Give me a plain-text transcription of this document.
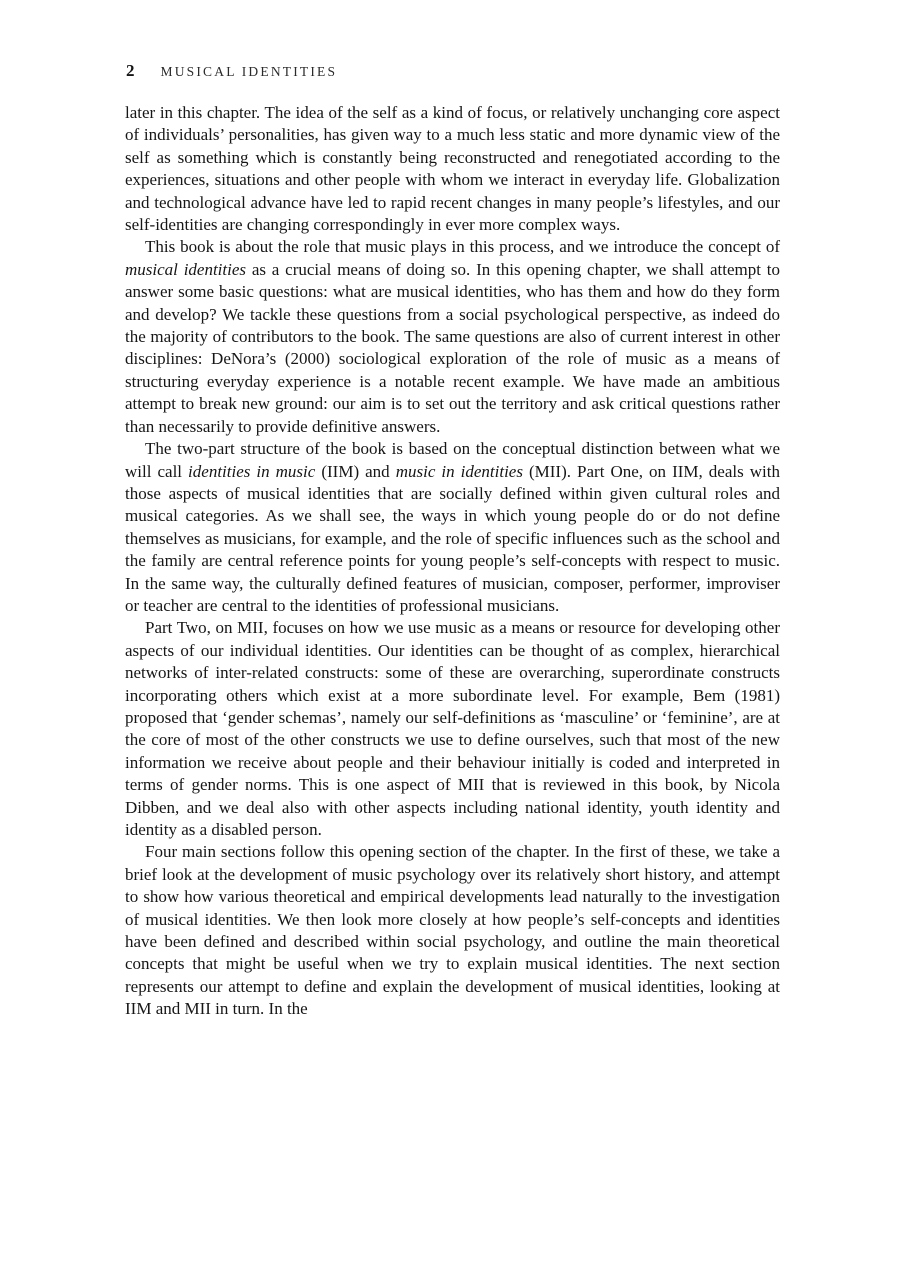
2 MUSICAL IDENTITIES

later in this chapter. The idea of the self as a kind of focus, or relatively unchanging core aspect of individuals’ personalities, has given way to a much less static and more dynamic view of the self as something which is constantly being reconstructed and renegotiated according to the experiences, situations and other people with whom we interact in everyday life. Globalization and technological advance have led to rapid recent changes in many people’s lifestyles, and our self-identities are changing correspondingly in ever more complex ways.

This book is about the role that music plays in this process, and we introduce the concept of musical identities as a crucial means of doing so. In this opening chapter, we shall attempt to answer some basic questions: what are musical identities, who has them and how do they form and develop? We tackle these questions from a social psychological perspective, as indeed do the majority of contributors to the book. The same questions are also of current interest in other disciplines: DeNora’s (2000) sociological exploration of the role of music as a means of structuring everyday experience is a notable recent example. We have made an ambitious attempt to break new ground: our aim is to set out the territory and ask critical questions rather than necessarily to provide definitive answers.

The two-part structure of the book is based on the conceptual distinction between what we will call identities in music (IIM) and music in identities (MII). Part One, on IIM, deals with those aspects of musical identities that are socially defined within given cultural roles and musical categories. As we shall see, the ways in which young people do or do not define themselves as musicians, for example, and the role of specific influences such as the school and the family are central reference points for young people’s self-concepts with respect to music. In the same way, the culturally defined features of musician, composer, performer, improviser or teacher are central to the identities of professional musicians.

Part Two, on MII, focuses on how we use music as a means or resource for developing other aspects of our individual identities. Our identities can be thought of as complex, hierarchical networks of inter-related constructs: some of these are overarching, superordinate constructs incorporating others which exist at a more subordinate level. For example, Bem (1981) proposed that ‘gender schemas’, namely our self-definitions as ‘masculine’ or ‘feminine’, are at the core of most of the other constructs we use to define ourselves, such that most of the new information we receive about people and their behaviour initially is coded and interpreted in terms of gender norms. This is one aspect of MII that is reviewed in this book, by Nicola Dibben, and we deal also with other aspects including national identity, youth identity and identity as a disabled person.

Four main sections follow this opening section of the chapter. In the first of these, we take a brief look at the development of music psychology over its relatively short history, and attempt to show how various theoretical and empirical developments lead naturally to the investigation of musical identities. We then look more closely at how people’s self-concepts and identities have been defined and described within social psychology, and outline the main theoretical concepts that might be useful when we try to explain musical identities. The next section represents our attempt to define and explain the development of musical identities, looking at IIM and MII in turn. In the
